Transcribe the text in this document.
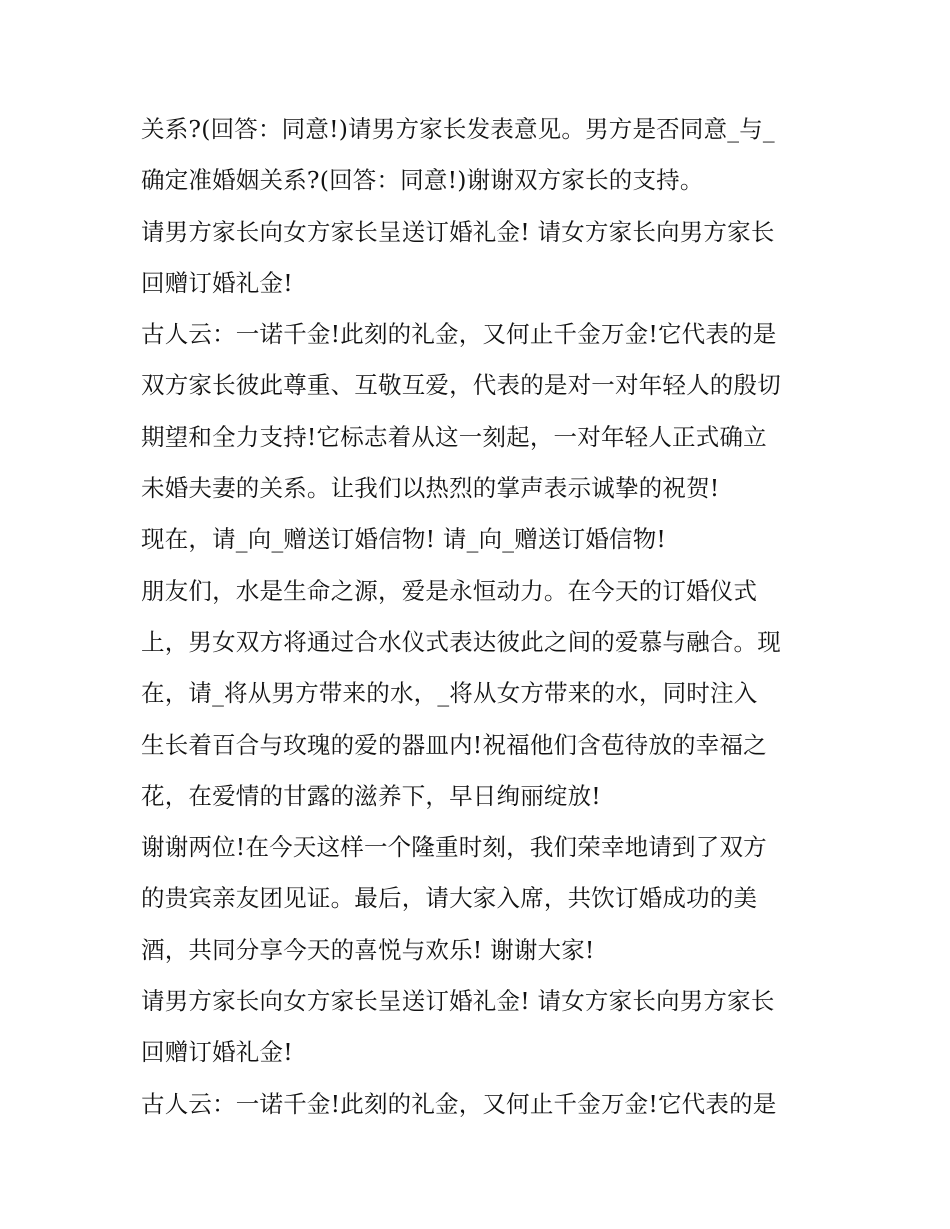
关系?(回答：同意!)请男方家长发表意见。男方是否同意_与_
确定准婚姻关系?(回答：同意!)谢谢双方家长的支持。
请男方家长向女方家长呈送订婚礼金! 请女方家长向男方家长
回赠订婚礼金!
古人云：一诺千金!此刻的礼金，又何止千金万金!它代表的是
双方家长彼此尊重、互敬互爱，代表的是对一对年轻人的殷切
期望和全力支持!它标志着从这一刻起，一对年轻人正式确立
未婚夫妻的关系。让我们以热烈的掌声表示诚挚的祝贺!
现在，请_向_赠送订婚信物! 请_向_赠送订婚信物!
朋友们，水是生命之源，爱是永恒动力。在今天的订婚仪式
上，男女双方将通过合水仪式表达彼此之间的爱慕与融合。现
在，请_将从男方带来的水，_将从女方带来的水，同时注入
生长着百合与玫瑰的爱的器皿内!祝福他们含苞待放的幸福之
花，在爱情的甘露的滋养下，早日绚丽绽放!
谢谢两位!在今天这样一个隆重时刻，我们荣幸地请到了双方
的贵宾亲友团见证。最后，请大家入席，共饮订婚成功的美
酒，共同分享今天的喜悦与欢乐! 谢谢大家!
请男方家长向女方家长呈送订婚礼金! 请女方家长向男方家长
回赠订婚礼金!
古人云：一诺千金!此刻的礼金，又何止千金万金!它代表的是
